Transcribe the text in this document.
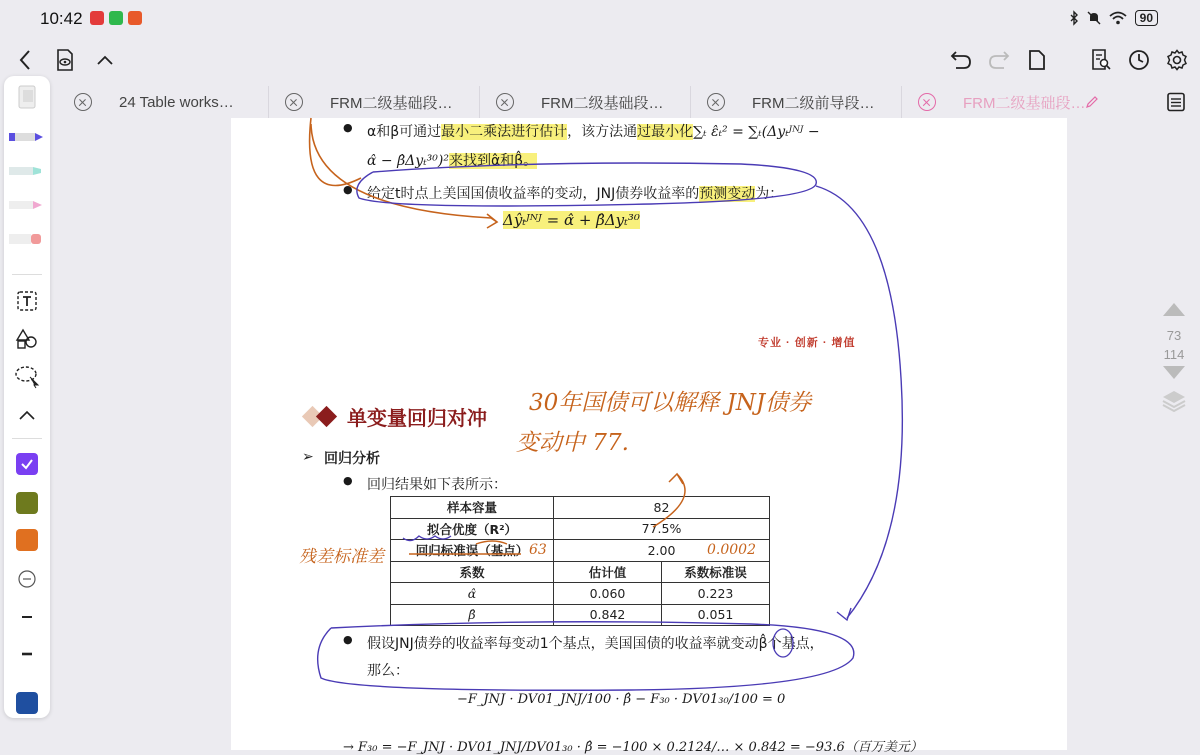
10:42	90
24 Table works…	FRM二级基础段…	FRM二级基础段…	FRM二级前导段…	FRM二级基础段…
● α和β可通过最小二乘法进行估计，该方法通过最小化∑ₜ ε̂ₜ² = ∑ₜ(Δyₜᴶᴺᴶ −
α̂ − β̂Δyₜ³⁰)²来找到α̂和β̂。
● 给定t时点上美国国债收益率的变动，JNJ债券收益率的预测变动为：
Δŷₜᴶᴺᴶ = α̂ + β̂Δyₜ³⁰
专业 · 创新 · 增值
单变量回归对冲
➢ 回归分析
● 回归结果如下表所示：
样本容量	82	
拟合优度（R²）	77.5%	
回归标准误（基点）	2.00	
系数	估计值	系数标准误
α̂	0.060	0.223
β̂	0.842	0.051
● 假设JNJ债券的收益率每变动1个基点，美国国债的收益率就变动β̂个基点，
那么：
−F_JNJ · DV01_JNJ/100 · β̂ − F₃₀ · DV01₃₀/100 = 0
→ F₃₀ = −F_JNJ · DV01_JNJ/DV01₃₀ · β̂ = −100 × 0.2124/… × 0.842 = −93.6（百万美元）
30年国债可以解释 JNJ债券
变动中 77.
残差标准差	63	0.0002
73
114
